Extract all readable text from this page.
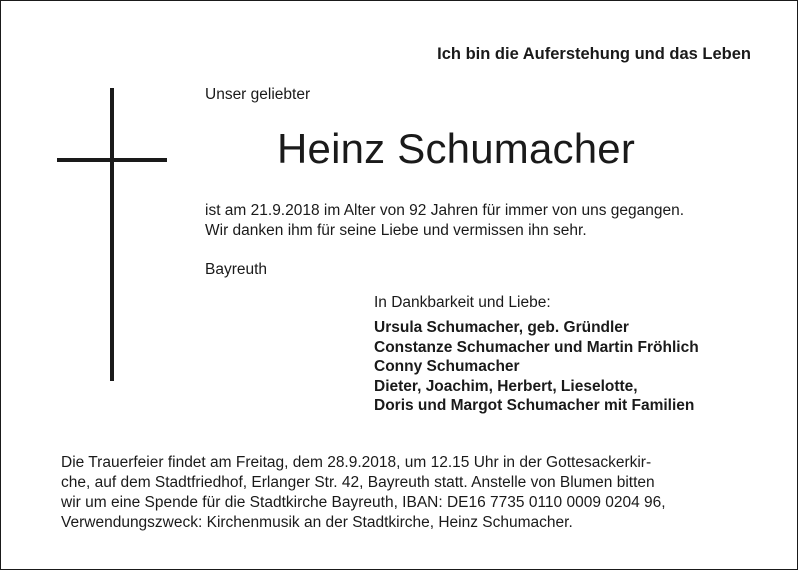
Ich bin die Auferstehung und das Leben
Unser geliebter
Heinz Schumacher
ist am 21.9.2018 im Alter von 92 Jahren für immer von uns gegangen.
Wir danken ihm für seine Liebe und vermissen ihn sehr.
Bayreuth
In Dankbarkeit und Liebe:
Ursula Schumacher, geb. Gründler
Constanze Schumacher und Martin Fröhlich
Conny Schumacher
Dieter, Joachim, Herbert, Lieselotte,
Doris und Margot Schumacher mit Familien
Die Trauerfeier findet am Freitag, dem 28.9.2018, um 12.15 Uhr in der Gottesackerkir-
che, auf dem Stadtfriedhof, Erlanger Str. 42, Bayreuth statt. Anstelle von Blumen bitten
wir um eine Spende für die Stadtkirche Bayreuth, IBAN: DE16 7735 0110 0009 0204 96,
Verwendungszweck: Kirchenmusik an der Stadtkirche, Heinz Schumacher.
